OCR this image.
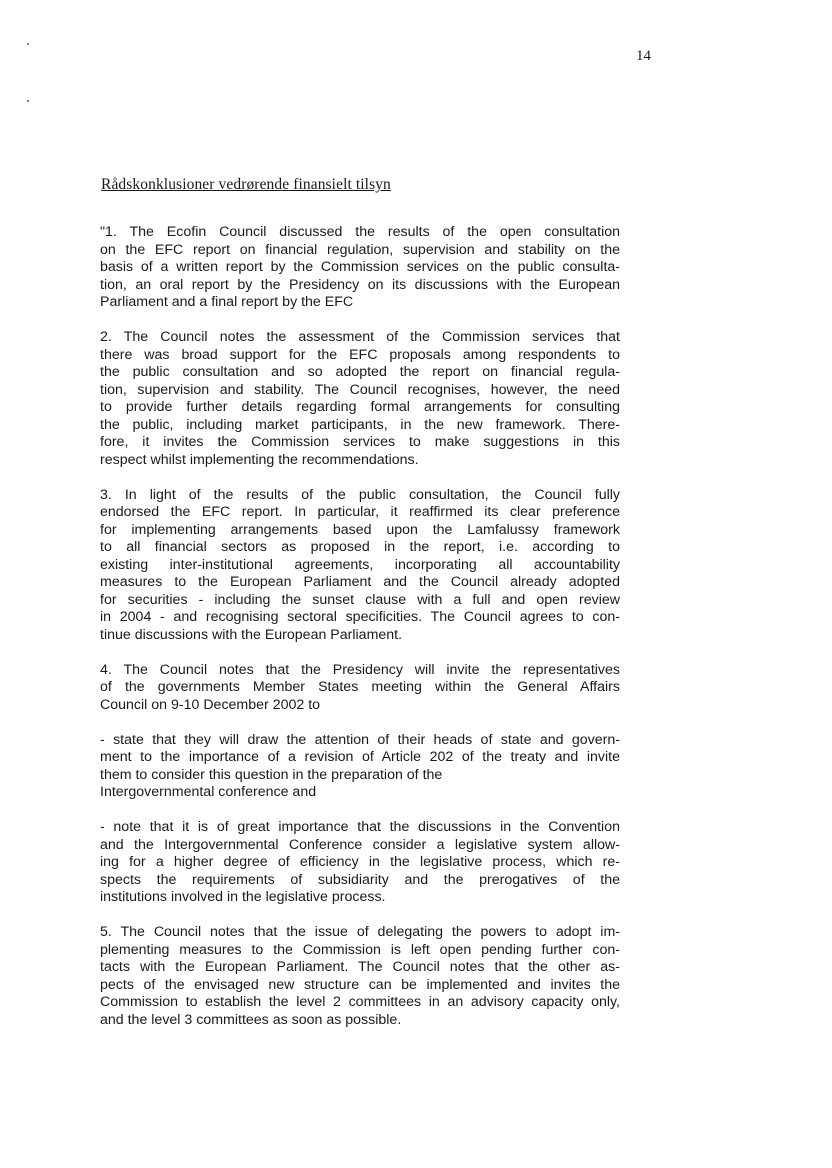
14
Rådskonklusioner vedrørende finansielt tilsyn
"1. The Ecofin Council discussed the results of the open consultation
on the EFC report on financial regulation, supervision and stability on the
basis of a written report by the Commission services on the public consulta-
tion, an oral report by the Presidency on its discussions with the European
Parliament and a final report by the EFC
2. The Council notes the assessment of the Commission services that
there was broad support for the EFC proposals among respondents to
the public consultation and so adopted the report on financial regula-
tion, supervision and stability. The Council recognises, however, the need
to provide further details regarding formal arrangements for consulting
the public, including market participants, in the new framework. There-
fore, it invites the Commission services to make suggestions in this
respect whilst implementing the recommendations.
3. In light of the results of the public consultation, the Council fully
endorsed the EFC report. In particular, it reaffirmed its clear preference
for implementing arrangements based upon the Lamfalussy framework
to all financial sectors as proposed in the report, i.e. according to
existing inter-institutional agreements, incorporating all accountability
measures to the European Parliament and the Council already adopted
for securities - including the sunset clause with a full and open review
in 2004 - and recognising sectoral specificities. The Council agrees to con-
tinue discussions with the European Parliament.
4. The Council notes that the Presidency will invite the representatives
of the governments Member States meeting within the General Affairs
Council on 9-10 December 2002 to
- state that they will draw the attention of their heads of state and govern-
ment to the importance of a revision of Article 202 of the treaty and invite
them to consider this question in the preparation of the
Intergovernmental conference and
- note that it is of great importance that the discussions in the Convention
and the Intergovernmental Conference consider a legislative system allow-
ing for a higher degree of efficiency in the legislative process, which re-
spects the requirements of subsidiarity and the prerogatives of the
institutions involved in the legislative process.
5. The Council notes that the issue of delegating the powers to adopt im-
plementing measures to the Commission is left open pending further con-
tacts with the European Parliament. The Council notes that the other as-
pects of the envisaged new structure can be implemented and invites the
Commission to establish the level 2 committees in an advisory capacity only,
and the level 3 committees as soon as possible.
